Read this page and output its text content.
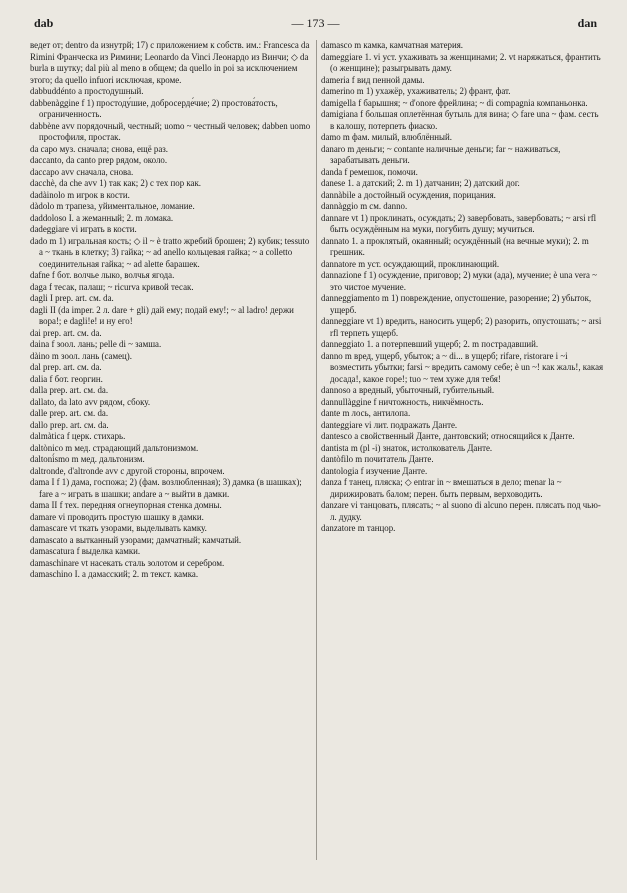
dab	— 173 —	dan

ведет от; dentro da изнутрй; 17) с приложением к собств. им.: Francesca da Rimini Франческа из Римини; Leonardo da Vinci Леонардо из Винчи; ◇ da burla в шутку; dal più al meno в общем; da quello in poi за исключением этого; da quello infuori исключая, кроме.

dabbuddénto а простодушный.

dabbenàggine f 1) простоду́шие, добросерде́чие; 2) простова́тость, ограниченность.

dabbène avv порядочный, честный; uomo ~ честный человек; dabben uomo простофиля, простак.

da capo муз. сначала; снова, ещё раз.

daccanto, da canto prep рядом, около.

daccapo avv сначала, снова.

dacchè, da che avv 1) так как; 2) с тех пор как.

dadàinolo m игрок в кости.

dàdolo m трапеза, уйиментальное, ломание.

daddoloso I. а жеманный; 2. m ломака.

dadeggiare vi играть в кости.

dado m 1) игральная кость; ◇ il ~ è tratto жребий брошен; 2) кубик; tessuto a ~ ткань в клетку; 3) гайка; ~ ad anello кольцевая гайка; ~ a colletto соединительная гайка; ~ ad alette барашек.

dafne f бот. волчье лыко, волчья ягода.

daga f тесак, палаш; ~ ricurva кривой тесак.

dagli I prep. art. см. da.

dagli II (da imper. 2 л. dare + gli) дай ему; подай ему!; ~ al ladro! держи вора!; e dagli!e! и ну его!

dai prep. art. см. da.

daina f зоол. лань; pelle di ~ замша.

dàino m зоол. лань (самец).

dal prep. art. см. da.

dalia f бот. георгин.

dalla prep. art. см. da.

dallato, da lato avv рядом, сбоку.

dalle prep. art. см. da.

dallo prep. art. см. da.

dalmàtica f церк. стихарь.

daltònico m мед. страдающий дальтонизмом.

daltonì́smo m мед. дальтонизм.

daltronde, d'altronde avv с другой стороны, впрочем.

dama I f 1) дама, госпожа; 2) (фам. возлюбленная); 3) дамка (в шашках); fare a ~ играть в шашки; andare a ~ выйти в дамки.

dama II f тех. передняя огнеупорная стенка домны.

damare vi проводить простую шашку в дамки.

damascare vt ткать узорами, выделывать камку.

damascato а вытканный узорами; дамчатный; камчатый.

damascatura f выделка камки.

damaschinare vt насекать сталь золотом и серебром.

damaschino I. а дамасский; 2. m текст. камка.

damasco m камка, камчатная материя.

dameggiare 1. vi уст. ухаживать за женщинами; 2. vt наряжаться, франтить (о женщине); разыгрывать даму.

dameria f вид пенной дамы.

damerino m 1) ухажёр, ухаживатель; 2) франт, фат.

damigella f барышня; ~ d'onore фрейлина; ~ di compagnia компаньонка.

damigiana f большая оплетённая бутыль для вина; ◇ fare una ~ фам. сесть в калошу, потерпеть фиаско.

damo m фам. милый, влюблённый.

danaro m деньги; ~ contante наличные деньги; far ~ наживаться, зарабатывать деньги.

danda f ремешок, помочи.

danese 1. а датский; 2. m 1) датчанин; 2) датский дог.

dannàbile а достойный осуждения, порицания.

dannàggio m см. danno.

dannare vt 1) проклинать, осуждать; 2) завербовать, завербовать; ~ arsi rfl быть осуждённым на муки, погубить душу; мучиться.

dannato 1. а проклятый, окаянный; осуждённый (на вечные муки); 2. m грешник.

dannatore m уст. осуждающий, проклинающий.

dannazione f 1) осуждение, приговор; 2) муки (ада), мучение; è una vera ~ это чистое мучение.

danneggiamento m 1) повреждение, опустошение, разорение; 2) убыток, ущерб.

danneggiare vt 1) вредить, наносить ущерб; 2) разорить, опустошать; ~ arsi rfl терпеть ущерб.

danneggiato 1. а потерпевший ущерб; 2. m пострадавший.

danno m вред, ущерб, убыток; a ~ di... в ущерб; rifare, ristorare i ~i возместить убытки; farsi ~ вредить самому себе; è un ~! как жаль!, какая досада!, какое горе!; tuo ~ тем хуже для тебя!

dannoso а вредный, убыточный, губительный.

dannullàggine f ничтожность, никчёмность.

dante m лось, антилопа.

danteggiare vi лит. подражать Данте.

dantesco а свойственный Данте, дантовский; относящийся к Данте.

dantista m (pl -i) знаток, истолкователь Данте.

dantòfilo m почитатель Данте.

dantologia f изучение Данте.

danza f танец, пляска; ◇ entrar in ~ вмешаться в дело; menar la ~ дирижировать балом; перен. быть первым, верховодить.

danzare vi танцовать, плясать; ~ al suono di alcuno перен. плясать под чью-л. дудку.

danzatore m танцор.
